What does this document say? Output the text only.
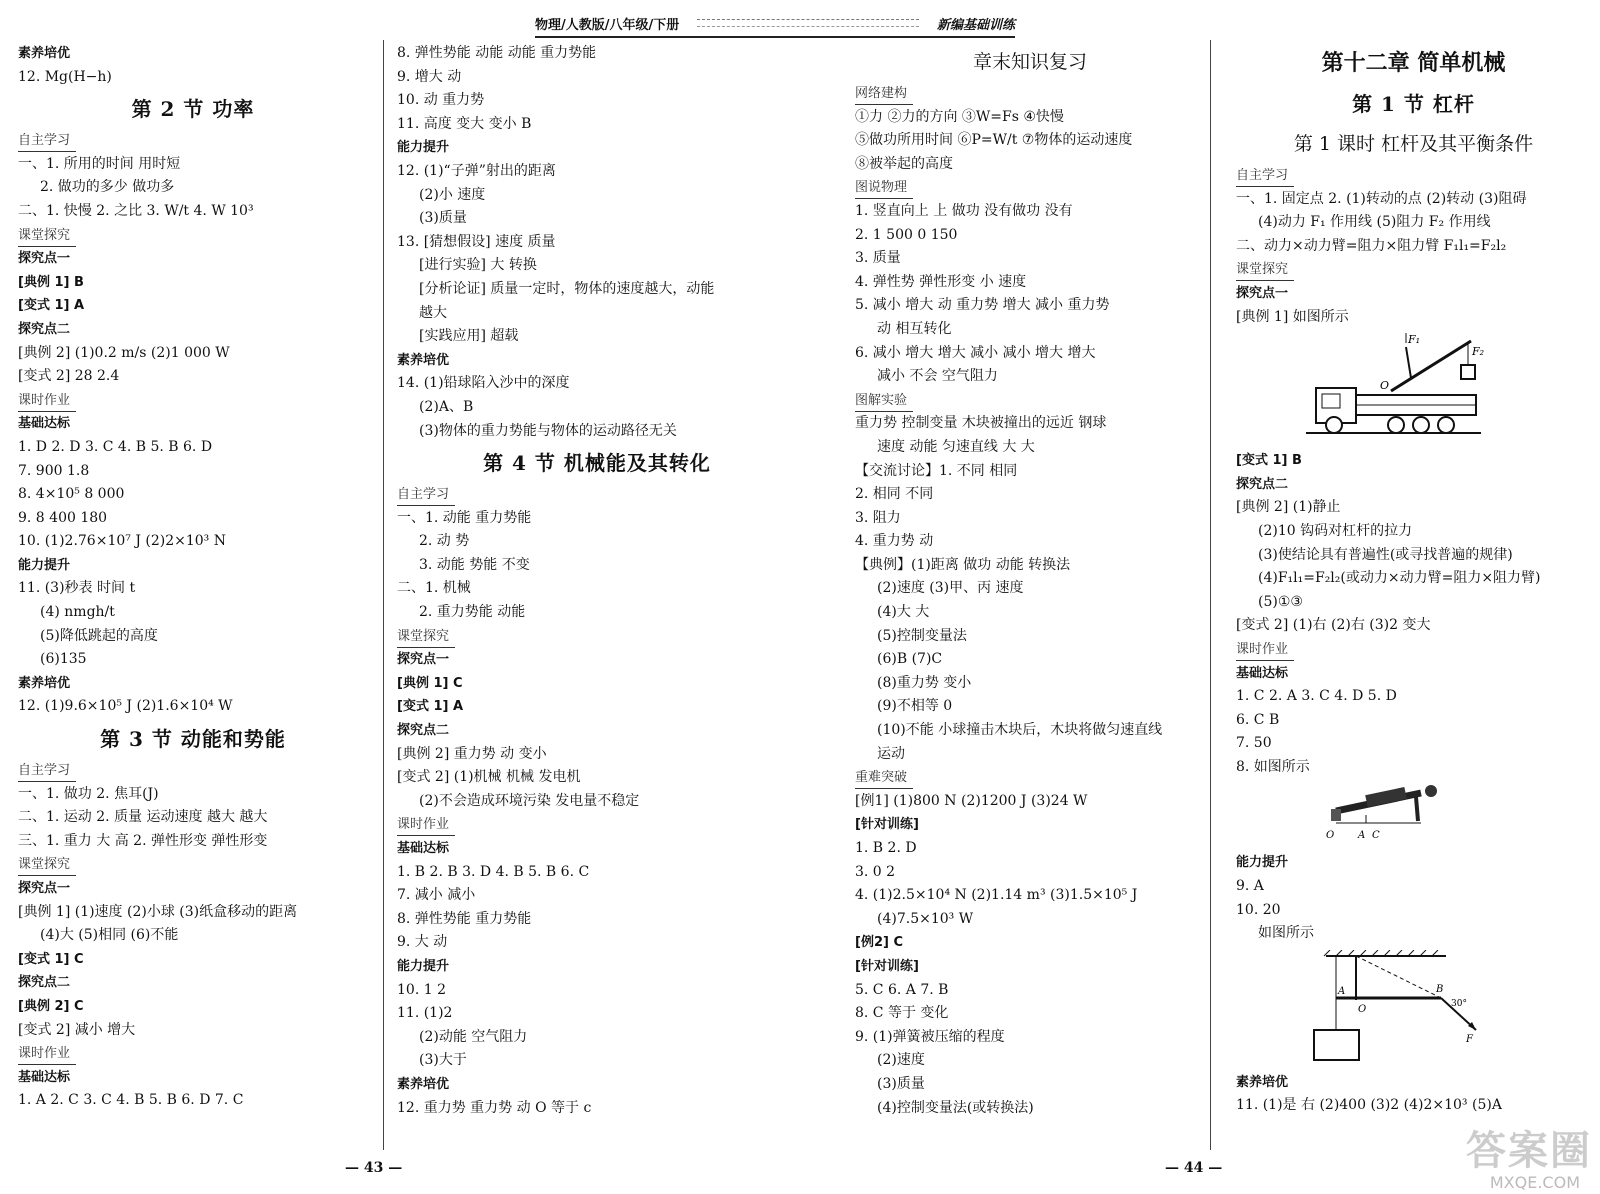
物理/人教版/八年级/下册	新编基础训练
素养培优
12. Mg(H−h)
第 2 节 功率
自主学习
一、1. 所用的时间 用时短
2. 做功的多少 做功多
二、1. 快慢 2. 之比 3. W/t 4. W 10³
课堂探究
探究点一
[典例 1] B
[变式 1] A
探究点二
[典例 2] (1)0.2 m/s (2)1 000 W
[变式 2] 28 2.4
课时作业
基础达标
1. D 2. D 3. C 4. B 5. B 6. D
7. 900 1.8
8. 4×10⁵ 8 000
9. 8 400 180
10. (1)2.76×10⁷ J (2)2×10³ N
能力提升
11. (3)秒表 时间 t
(4) nmgh/t
(5)降低跳起的高度
(6)135
素养培优
12. (1)9.6×10⁵ J (2)1.6×10⁴ W
第 3 节 动能和势能
自主学习
一、1. 做功 2. 焦耳(J)
二、1. 运动 2. 质量 运动速度 越大 越大
三、1. 重力 大 高 2. 弹性形变 弹性形变
课堂探究
探究点一
[典例 1] (1)速度 (2)小球 (3)纸盒移动的距离
(4)大 (5)相同 (6)不能
[变式 1] C
探究点二
[典例 2] C
[变式 2] 减小 增大
课时作业
基础达标
1. A 2. C 3. C 4. B 5. B 6. D 7. C
8. 弹性势能 动能 动能 重力势能
9. 增大 动
10. 动 重力势
11. 高度 变大 变小 B
能力提升
12. (1)“子弹”射出的距离
(2)小 速度
(3)质量
13. [猜想假设] 速度 质量
[进行实验] 大 转换
[分析论证] 质量一定时，物体的速度越大，动能
越大
[实践应用] 超载
素养培优
14. (1)铅球陷入沙中的深度
(2)A、B
(3)物体的重力势能与物体的运动路径无关
第 4 节 机械能及其转化
自主学习
一、1. 动能 重力势能
2. 动 势
3. 动能 势能 不变
二、1. 机械
2. 重力势能 动能
课堂探究
探究点一
[典例 1] C
[变式 1] A
探究点二
[典例 2] 重力势 动 变小
[变式 2] (1)机械 机械 发电机
(2)不会造成环境污染 发电量不稳定
课时作业
基础达标
1. B 2. B 3. D 4. B 5. B 6. C
7. 减小 减小
8. 弹性势能 重力势能
9. 大 动
能力提升
10. 1 2
11. (1)2
(2)动能 空气阻力
(3)大于
素养培优
12. 重力势 重力势 动 O 等于 c
章末知识复习
网络建构
①力 ②力的方向 ③W=Fs ④快慢
⑤做功所用时间 ⑥P=W/t ⑦物体的运动速度
⑧被举起的高度
图说物理
1. 竖直向上 上 做功 没有做功 没有
2. 1 500 0 150
3. 质量
4. 弹性势 弹性形变 小 速度
5. 减小 增大 动 重力势 增大 减小 重力势
动 相互转化
6. 减小 增大 增大 减小 减小 增大 增大
减小 不会 空气阻力
图解实验
重力势 控制变量 木块被撞出的远近 钢球
速度 动能 匀速直线 大 大
【交流讨论】1. 不同 相同
2. 相同 不同
3. 阻力
4. 重力势 动
【典例】(1)距离 做功 动能 转换法
(2)速度 (3)甲、丙 速度
(4)大 大
(5)控制变量法
(6)B (7)C
(8)重力势 变小
(9)不相等 0
(10)不能 小球撞击木块后，木块将做匀速直线
运动
重难突破
[例1] (1)800 N (2)1200 J (3)24 W
[针对训练]
1. B 2. D
3. 0 2
4. (1)2.5×10⁴ N (2)1.14 m³ (3)1.5×10⁵ J
(4)7.5×10³ W
[例2] C
[针对训练]
5. C 6. A 7. B
8. C 等于 变化
9. (1)弹簧被压缩的程度
(2)速度
(3)质量
(4)控制变量法(或转换法)
第十二章 简单机械
第 1 节 杠杆
第 1 课时 杠杆及其平衡条件
自主学习
一、1. 固定点 2. (1)转动的点 (2)转动 (3)阻碍
(4)动力 F₁ 作用线 (5)阻力 F₂ 作用线
二、动力×动力臂=阻力×阻力臂 F₁l₁=F₂l₂
课堂探究
探究点一
[典例 1] 如图所示
F₁
F₂
O
[变式 1] B
探究点二
[典例 2] (1)静止
(2)10 钩码对杠杆的拉力
(3)使结论具有普遍性(或寻找普遍的规律)
(4)F₁l₁=F₂l₂(或动力×动力臂=阻力×阻力臂)
(5)①③
[变式 2] (1)右 (2)右 (3)2 变大
课时作业
基础达标
1. C 2. A 3. C 4. D 5. D
6. C B
7. 50
8. 如图所示
O A C
能力提升
9. A
10. 20
如图所示
A
O
B
30°
F
素养培优
11. (1)是 右 (2)400 (3)2 (4)2×10³ (5)A
— 43 —	— 44 —	答案圈
MXQE.COM
